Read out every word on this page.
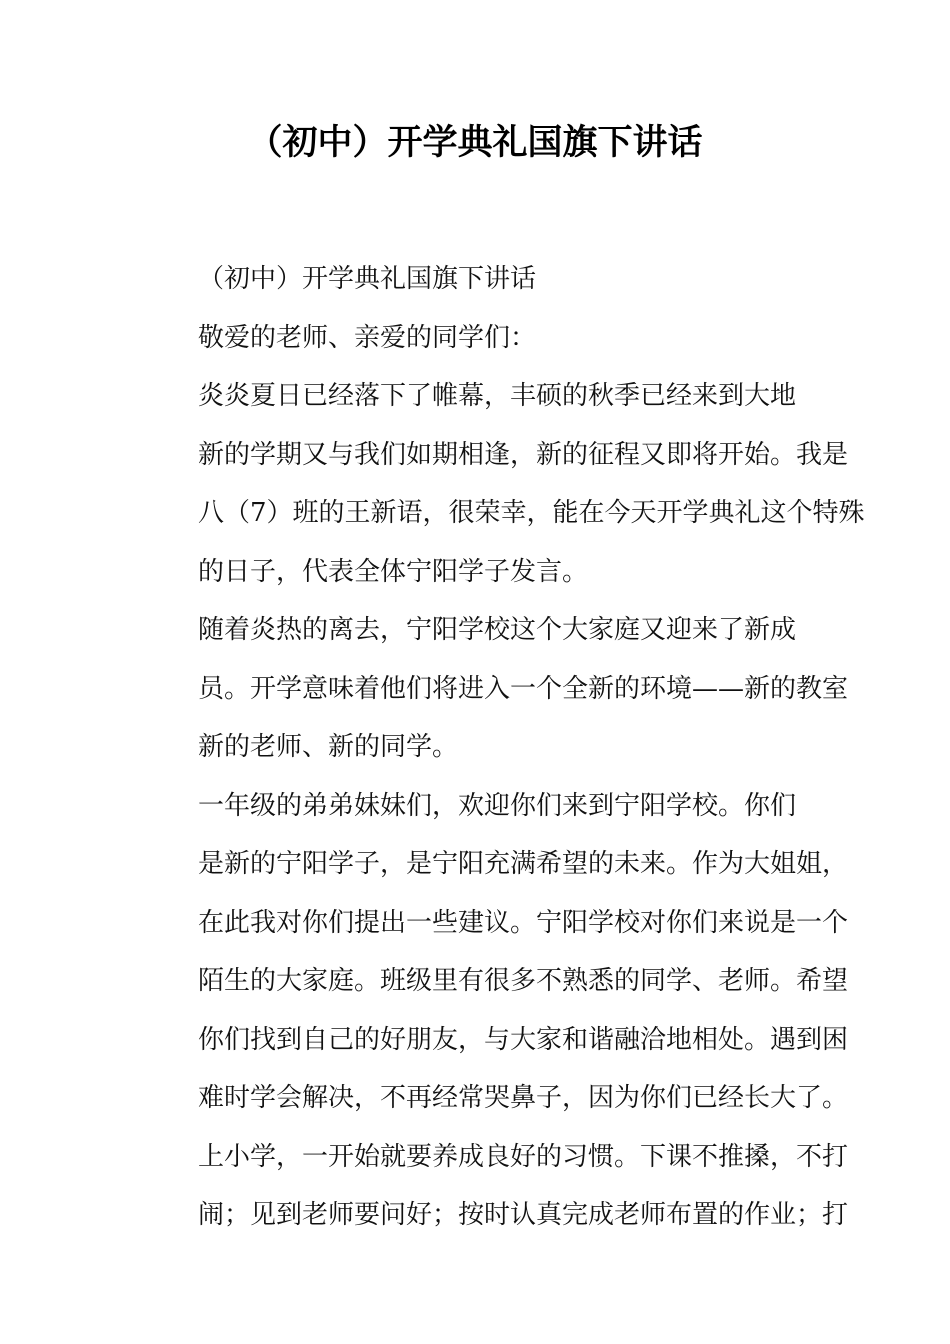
（初中）开学典礼国旗下讲话

（初中）开学典礼国旗下讲话

敬爱的老师、亲爱的同学们：

炎炎夏日已经落下了帷幕，丰硕的秋季已经来到大地
新的学期又与我们如期相逢，新的征程又即将开始。我是
八（7）班的王新语，很荣幸，能在今天开学典礼这个特殊
的日子，代表全体宁阳学子发言。

随着炎热的离去，宁阳学校这个大家庭又迎来了新成
员。开学意味着他们将进入一个全新的环境——新的教室
新的老师、新的同学。

一年级的弟弟妹妹们，欢迎你们来到宁阳学校。你们
是新的宁阳学子，是宁阳充满希望的未来。作为大姐姐，
在此我对你们提出一些建议。宁阳学校对你们来说是一个
陌生的大家庭。班级里有很多不熟悉的同学、老师。希望
你们找到自己的好朋友，与大家和谐融洽地相处。遇到困
难时学会解决，不再经常哭鼻子，因为你们已经长大了。
上小学，一开始就要养成良好的习惯。下课不推搡，不打
闹；见到老师要问好；按时认真完成老师布置的作业；打
